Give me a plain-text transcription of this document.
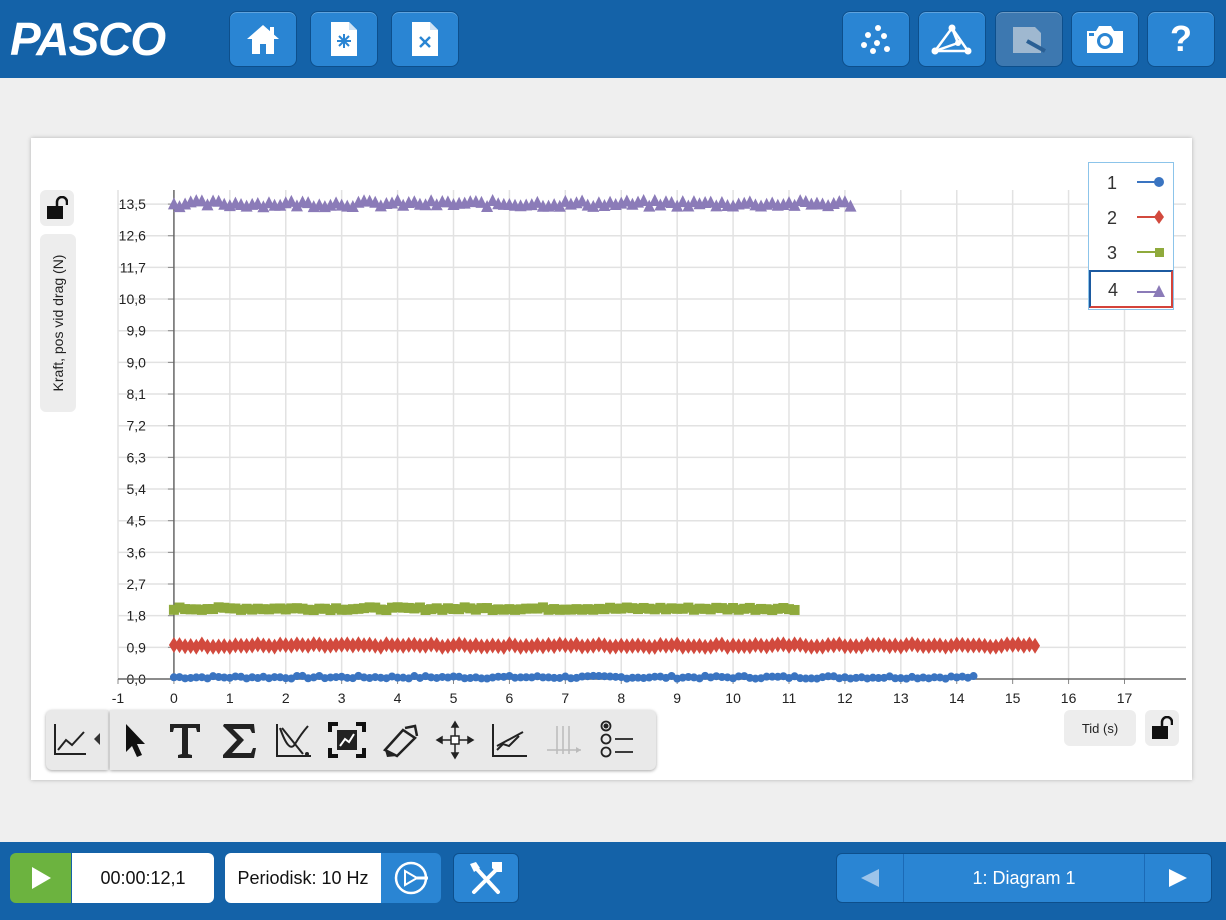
PASCO	?
-1	0	1	2	3	4	5	6	7	8	9	10	11	12	13	14	15	16	17
0,0
0,9
1,8
2,7
3,6
4,5
5,4
6,3
7,2
8,1
9,0
9,9
10,8
11,7
12,6
13,5
Kraft, pos vid drag (N)
Tid (s)
1
2
3
4
00:00:12,1	Periodisk: 10 Hz	1: Diagram 1
